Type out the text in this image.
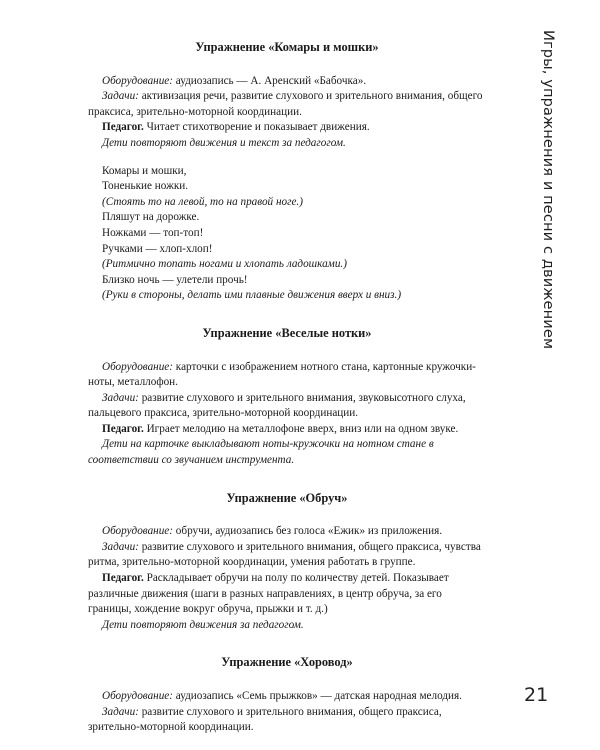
Упражнение «Комары и мошки»

Оборудование: аудиозапись — А. Аренский «Бабочка».

Задачи: активизация речи, развитие слухового и зрительного внимания, общего праксиса, зрительно-моторной координации.

Педагог. Читает стихотворение и показывает движения.

Дети повторяют движения и текст за педагогом.

Комары и мошки,

Тоненькие ножки.

(Стоять то на левой, то на правой ноге.)

Пляшут на дорожке.

Ножками — топ-топ!

Ручками — хлоп-хлоп!

(Ритмично топать ногами и хлопать ладошками.)

Близко ночь — улетели прочь!

(Руки в стороны, делать ими плавные движения вверх и вниз.)

Упражнение «Веселые нотки»

Оборудование: карточки с изображением нотного стана, картонные кружочки-ноты, металлофон.

Задачи: развитие слухового и зрительного внимания, звуковысотного слуха, пальцевого праксиса, зрительно-моторной координации.

Педагог. Играет мелодию на металлофоне вверх, вниз или на одном звуке.

Дети на карточке выкладывают ноты-кружочки на нотном стане в соответствии со звучанием инструмента.

Упражнение «Обруч»

Оборудование: обручи, аудиозапись без голоса «Ежик» из приложения.

Задачи: развитие слухового и зрительного внимания, общего праксиса, чувства ритма, зрительно-моторной координации, умения работать в группе.

Педагог. Раскладывает обручи на полу по количеству детей. Показывает различные движения (шаги в разных направлениях, в центр обруча, за его границы, хождение вокруг обруча, прыжки и т. д.)

Дети повторяют движения за педагогом.

Упражнение «Хоровод»

Оборудование: аудиозапись «Семь прыжков» — датская народная мелодия.

Задачи: развитие слухового и зрительного внимания, общего праксиса, зрительно-моторной координации.

Игры, упражнения и песни с движением
21
